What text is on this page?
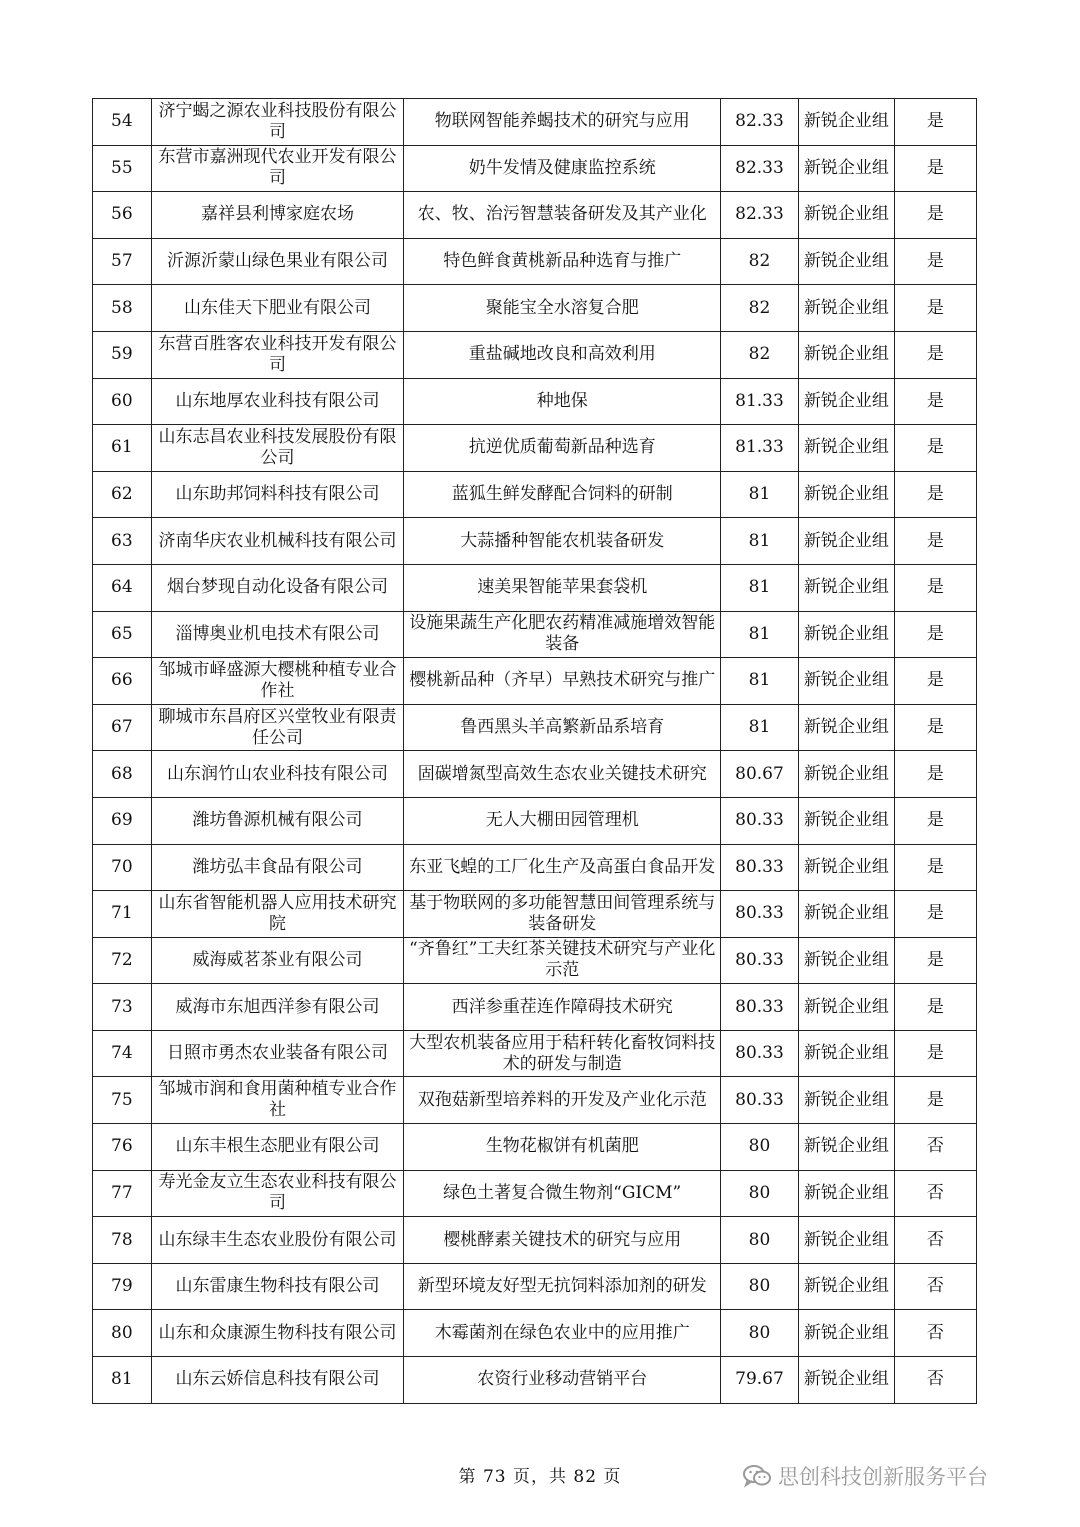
54	济宁蝎之源农业科技股份有限公司	物联网智能养蝎技术的研究与应用	82.33	新锐企业组	是
55	东营市嘉洲现代农业开发有限公司	奶牛发情及健康监控系统	82.33	新锐企业组	是
56	嘉祥县利博家庭农场	农、牧、治污智慧装备研发及其产业化	82.33	新锐企业组	是
57	沂源沂蒙山绿色果业有限公司	特色鲜食黄桃新品种选育与推广	82	新锐企业组	是
58	山东佳天下肥业有限公司	聚能宝全水溶复合肥	82	新锐企业组	是
59	东营百胜客农业科技开发有限公司	重盐碱地改良和高效利用	82	新锐企业组	是
60	山东地厚农业科技有限公司	种地保	81.33	新锐企业组	是
61	山东志昌农业科技发展股份有限公司	抗逆优质葡萄新品种选育	81.33	新锐企业组	是
62	山东助邦饲料科技有限公司	蓝狐生鲜发酵配合饲料的研制	81	新锐企业组	是
63	济南华庆农业机械科技有限公司	大蒜播种智能农机装备研发	81	新锐企业组	是
64	烟台梦现自动化设备有限公司	速美果智能苹果套袋机	81	新锐企业组	是
65	淄博奥业机电技术有限公司	设施果蔬生产化肥农药精准减施增效智能装备	81	新锐企业组	是
66	邹城市峄盛源大樱桃种植专业合作社	樱桃新品种（齐早）早熟技术研究与推广	81	新锐企业组	是
67	聊城市东昌府区兴堂牧业有限责任公司	鲁西黑头羊高繁新品系培育	81	新锐企业组	是
68	山东润竹山农业科技有限公司	固碳增氮型高效生态农业关键技术研究	80.67	新锐企业组	是
69	潍坊鲁源机械有限公司	无人大棚田园管理机	80.33	新锐企业组	是
70	潍坊弘丰食品有限公司	东亚飞蝗的工厂化生产及高蛋白食品开发	80.33	新锐企业组	是
71	山东省智能机器人应用技术研究院	基于物联网的多功能智慧田间管理系统与装备研发	80.33	新锐企业组	是
72	威海威茗茶业有限公司	“齐鲁红”工夫红茶关键技术研究与产业化示范	80.33	新锐企业组	是
73	威海市东旭西洋参有限公司	西洋参重茬连作障碍技术研究	80.33	新锐企业组	是
74	日照市勇杰农业装备有限公司	大型农机装备应用于秸秆转化畜牧饲料技术的研发与制造	80.33	新锐企业组	是
75	邹城市润和食用菌种植专业合作社	双孢菇新型培养料的开发及产业化示范	80.33	新锐企业组	是
76	山东丰根生态肥业有限公司	生物花椒饼有机菌肥	80	新锐企业组	否
77	寿光金友立生态农业科技有限公司	绿色土著复合微生物剂“GICM”	80	新锐企业组	否
78	山东绿丰生态农业股份有限公司	樱桃酵素关键技术的研究与应用	80	新锐企业组	否
79	山东雷康生物科技有限公司	新型环境友好型无抗饲料添加剂的研发	80	新锐企业组	否
80	山东和众康源生物科技有限公司	木霉菌剂在绿色农业中的应用推广	80	新锐企业组	否
81	山东云娇信息科技有限公司	农资行业移动营销平台	79.67	新锐企业组	否
第 73 页，共 82 页	思创科技创新服务平台
